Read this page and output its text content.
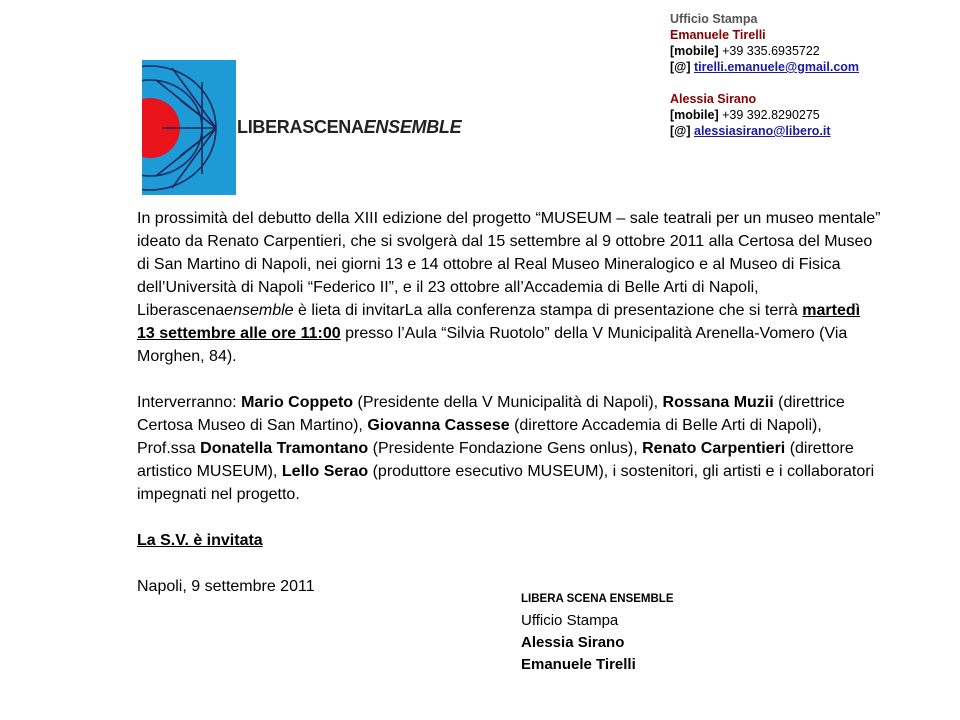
Ufficio Stampa
Emanuele Tirelli
[mobile] +39 335.6935722
[@] tirelli.emanuele@gmail.com
Alessia Sirano
[mobile] +39 392.8290275
[@] alessiasirano@libero.it
LIBERASCENAENSEMBLE

In prossimità del debutto della XIII edizione del progetto “MUSEUM – sale teatrali per un museo mentale” ideato da Renato Carpentieri, che si svolgerà dal 15 settembre al 9 ottobre 2011 alla Certosa del Museo di San Martino di Napoli, nei giorni 13 e 14 ottobre al Real Museo Mineralogico e al Museo di Fisica dell’Università di Napoli “Federico II”, e il 23 ottobre all’Accademia di Belle Arti di Napoli, Liberascenaensemble è lieta di invitarLa alla conferenza stampa di presentazione che si terrà martedì 13 settembre alle ore 11:00 presso l’Aula “Silvia Ruotolo” della V Municipalità Arenella-Vomero (Via Morghen, 84).

Interverranno: Mario Coppeto (Presidente della V Municipalità di Napoli), Rossana Muzii (direttrice Certosa Museo di San Martino), Giovanna Cassese (direttore Accademia di Belle Arti di Napoli), Prof.ssa Donatella Tramontano (Presidente Fondazione Gens onlus), Renato Carpentieri (direttore artistico MUSEUM), Lello Serao (produttore esecutivo MUSEUM), i sostenitori, gli artisti e i collaboratori impegnati nel progetto.

La S.V. è invitata

Napoli, 9 settembre 2011

LIBERA SCENA ENSEMBLE
Ufficio Stampa
Alessia Sirano
Emanuele Tirelli
